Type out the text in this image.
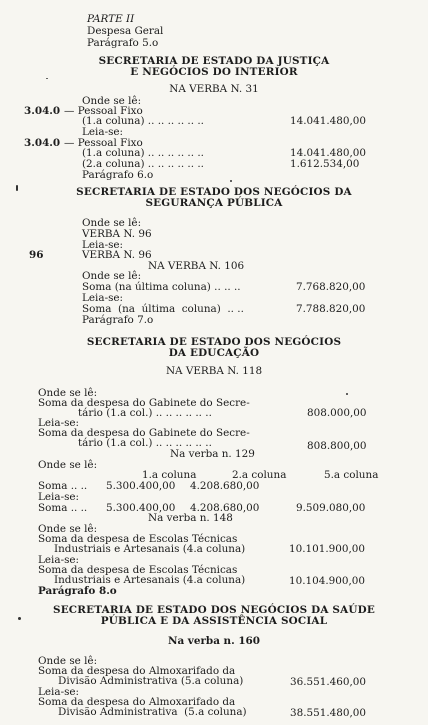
PARTE II
Despesa Geral
Parágrafo 5.o
SECRETARIA DE ESTADO DA JUSTIÇA
E NEGÓCIOS DO INTERIOR
NA VERBA N. 31
Onde se lê:
3.04.0 — Pessoal Fixo
(1.a coluna) .. .. .. .. .. ..	14.041.480,00
Leia-se:
3.04.0 — Pessoal Fixo
(1.a coluna) .. .. .. .. .. ..	14.041.480,00
(2.a coluna) .. .. .. .. .. ..	1.612.534,00
Parágrafo 6.o
SECRETARIA DE ESTADO DOS NEGÓCIOS DA
SEGURANÇA PÚBLICA
Onde se lê:
VERBA N. 96
Leia-se:
96	VERBA N. 96
NA VERBA N. 106
Onde se lê:
Soma (na última coluna) .. .. ..	7.768.820,00
Leia-se:
Soma  (na  última  coluna)  .. ..	7.788.820,00
Parágrafo 7.o
SECRETARIA DE ESTADO DOS NEGÓCIOS
DA EDUCAÇÃO
NA VERBA N. 118
Onde se lê:
Soma da despesa do Gabinete do Secre-
tário (1.a col.) .. .. .. .. .. ..	808.000,00
Leia-se:
Soma da despesa do Gabinete do Secre-
tário (1.a col.) .. .. .. .. .. ..	808.800,00
Na verba n. 129
Onde se lê:
1.a coluna	2.a coluna	5.a coluna
Soma .. .. 5.300.400,00 4.208.680,00
Leia-se:
Soma .. .. 5.300.400,00 4.208.680,00	9.509.080,00
Na verba n. 148
Onde se lê:
Soma da despesa de Escolas Técnicas
Industriais e Artesanais (4.a coluna)	10.101.900,00
Leia-se:
Soma da despesa de Escolas Técnicas
Industriais e Artesanais (4.a coluna)	10.104.900,00
Parágrafo 8.o
SECRETARIA DE ESTADO DOS NEGÓCIOS DA SAÚDE
PÚBLICA E DA ASSISTÊNCIA SOCIAL
Na verba n. 160
Onde se lê:
Soma da despesa do Almoxarifado da
Divisão Administrativa (5.a coluna)	36.551.460,00
Leia-se:
Soma da despesa do Almoxarifado da
Divisão Administrativa  (5.a coluna)	38.551.480,00
